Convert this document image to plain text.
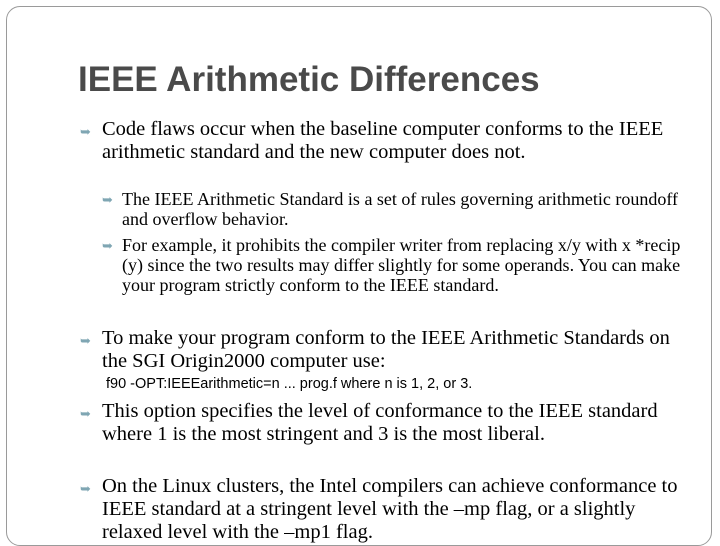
IEEE Arithmetic Differences
➥ Code flaws occur when the baseline computer conforms to the IEEE arithmetic standard and the new computer does not.

➥ The IEEE Arithmetic Standard is a set of rules governing arithmetic roundoff and overflow behavior.

➥ For example, it prohibits the compiler writer from replacing x/y with x *recip (y) since the two results may differ slightly for some operands. You can make your program strictly conform to the IEEE standard.

➥ To make your program conform to the IEEE Arithmetic Standards on the SGI Origin2000 computer use:

f90 -OPT:IEEEarithmetic=n ... prog.f where n is 1, 2, or 3.

➥ This option specifies the level of conformance to the IEEE standard where 1 is the most stringent and 3 is the most liberal.

➥ On the Linux clusters, the Intel compilers can achieve conformance to IEEE standard at a stringent level with the –mp flag, or a slightly relaxed level with the –mp1 flag.
